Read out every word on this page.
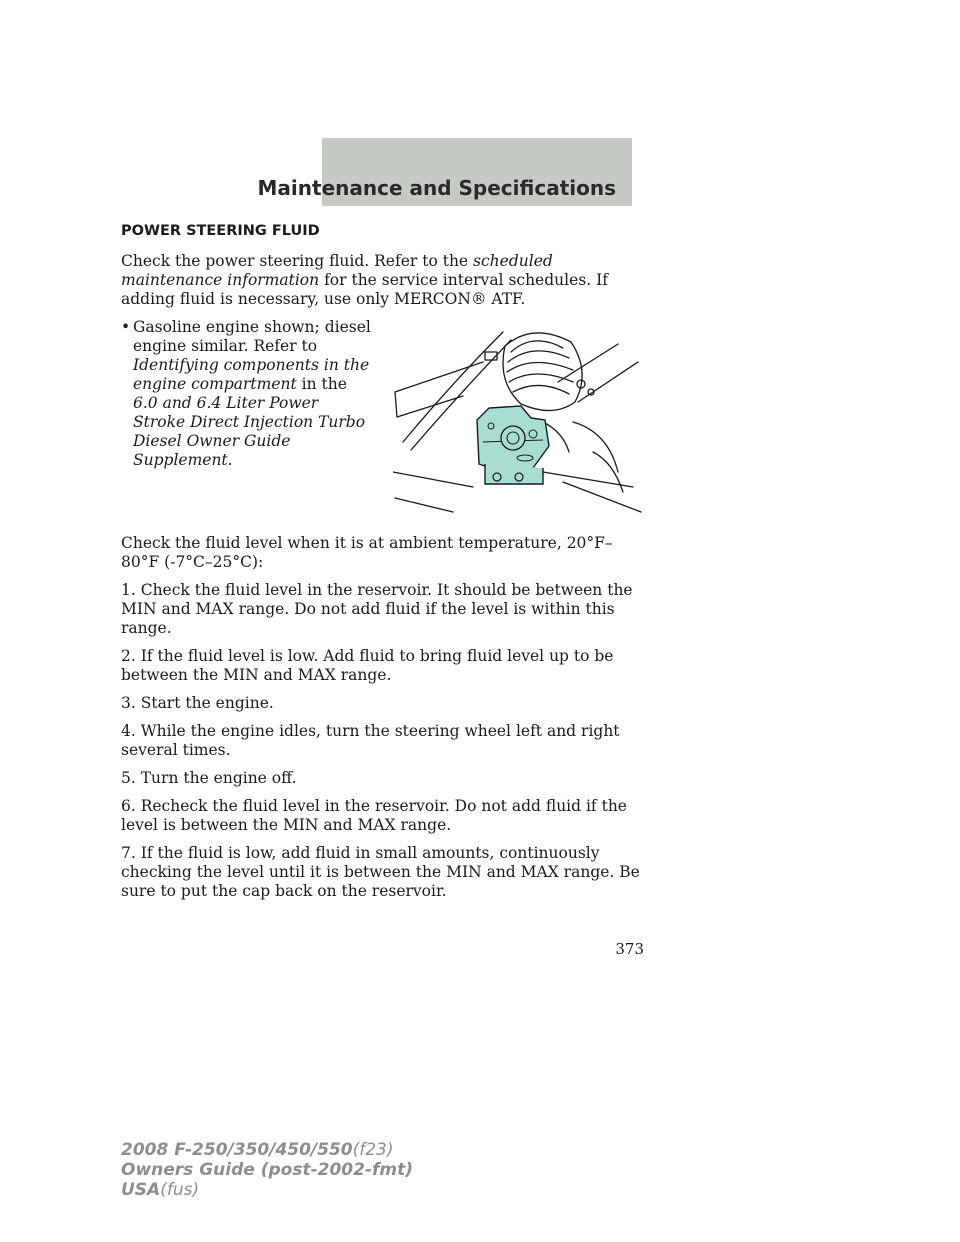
Maintenance and Specifications
POWER STEERING FLUID

Check the power steering fluid. Refer to the scheduled maintenance information for the service interval schedules. If adding fluid is necessary, use only MERCON® ATF.

• Gasoline engine shown; diesel engine similar. Refer to Identifying components in the engine compartment in the 6.0 and 6.4 Liter Power Stroke Direct Injection Turbo Diesel Owner Guide Supplement.

Check the fluid level when it is at ambient temperature, 20°F–80°F (-7°C–25°C):

1. Check the fluid level in the reservoir. It should be between the MIN and MAX range. Do not add fluid if the level is within this range.

2. If the fluid level is low. Add fluid to bring fluid level up to be between the MIN and MAX range.

3. Start the engine.

4. While the engine idles, turn the steering wheel left and right several times.

5. Turn the engine off.

6. Recheck the fluid level in the reservoir. Do not add fluid if the level is between the MIN and MAX range.

7. If the fluid is low, add fluid in small amounts, continuously checking the level until it is between the MIN and MAX range. Be sure to put the cap back on the reservoir.

373
2008 F-250/350/450/550(f23)
Owners Guide (post-2002-fmt)
USA(fus)
